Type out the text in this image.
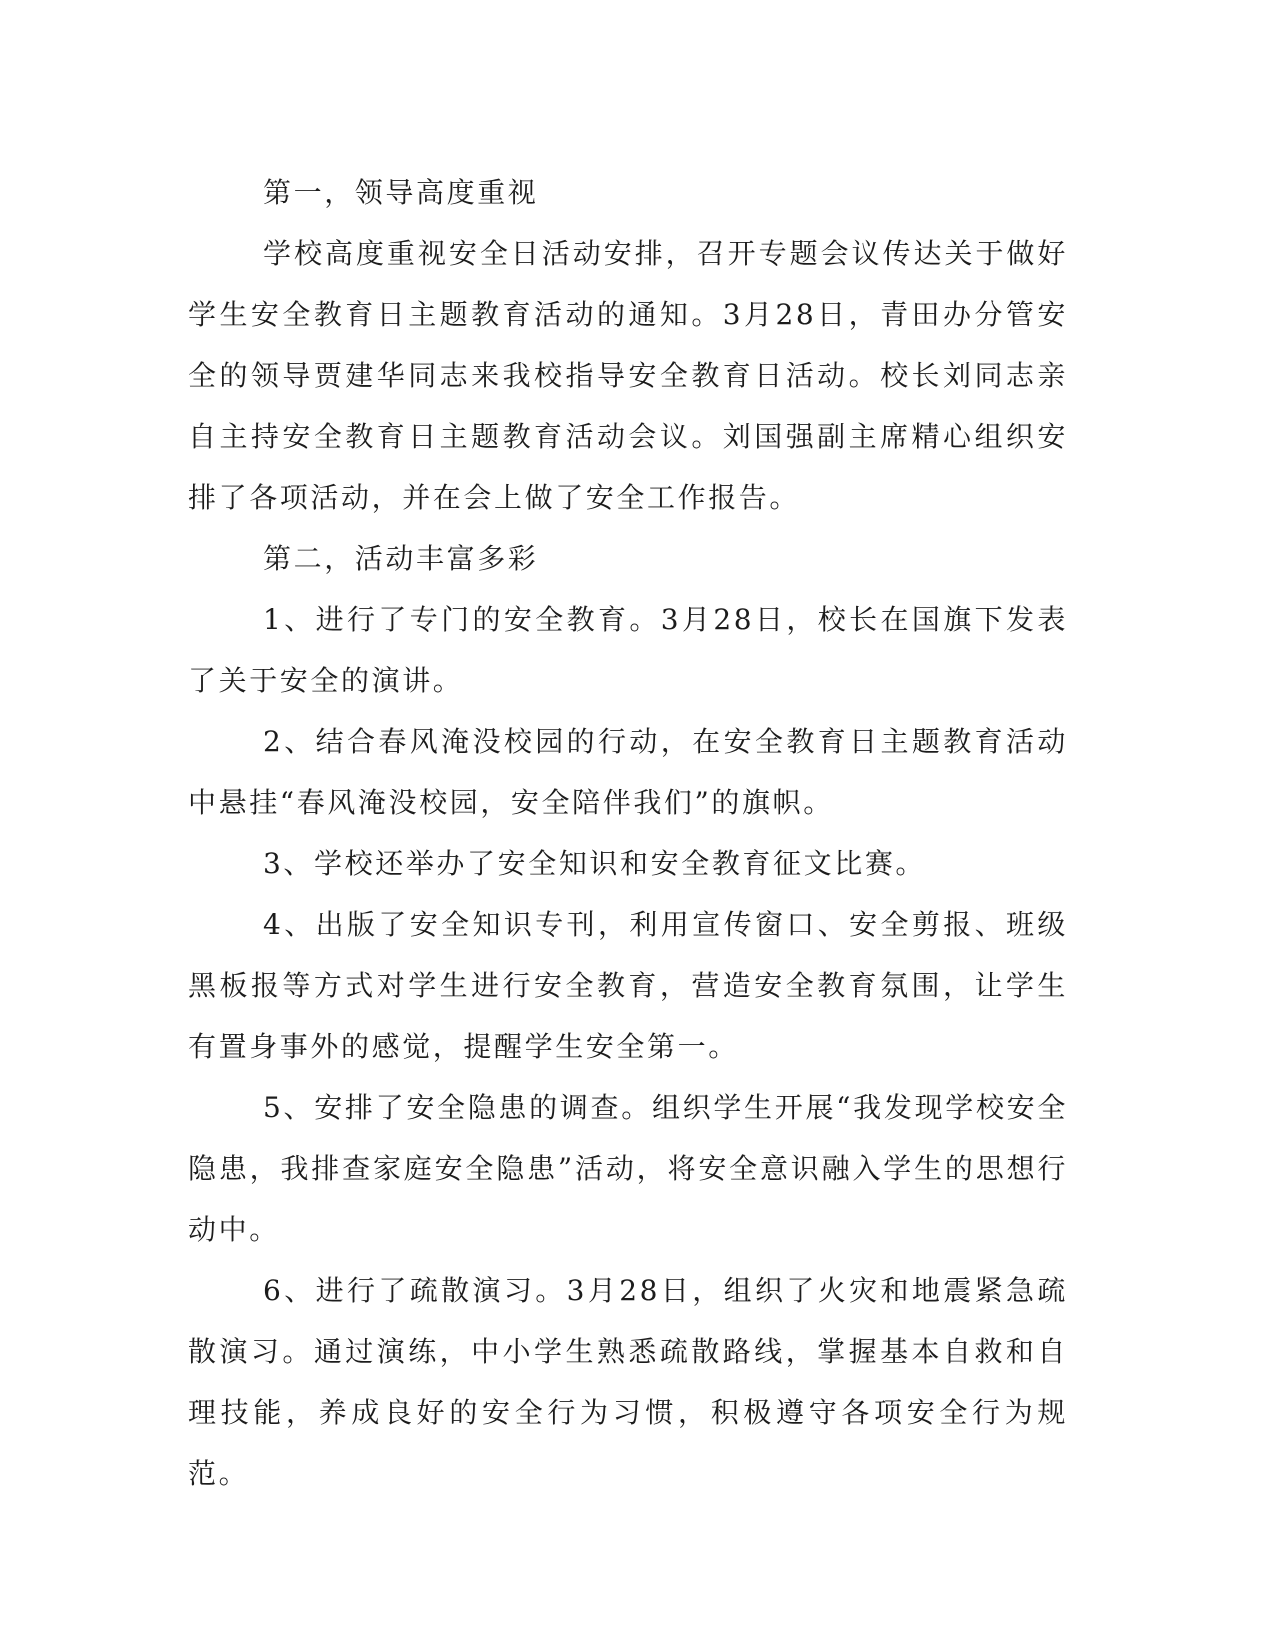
第一，领导高度重视

学校高度重视安全日活动安排，召开专题会议传达关于做好学生安全教育日主题教育活动的通知。3月28日，青田办分管安全的领导贾建华同志来我校指导安全教育日活动。校长刘同志亲自主持安全教育日主题教育活动会议。刘国强副主席精心组织安排了各项活动，并在会上做了安全工作报告。

第二，活动丰富多彩

1、进行了专门的安全教育。3月28日，校长在国旗下发表了关于安全的演讲。

2、结合春风淹没校园的行动，在安全教育日主题教育活动中悬挂“春风淹没校园，安全陪伴我们”的旗帜。

3、学校还举办了安全知识和安全教育征文比赛。

4、出版了安全知识专刊，利用宣传窗口、安全剪报、班级黑板报等方式对学生进行安全教育，营造安全教育氛围，让学生有置身事外的感觉，提醒学生安全第一。

5、安排了安全隐患的调查。组织学生开展“我发现学校安全隐患，我排查家庭安全隐患”活动，将安全意识融入学生的思想行动中。

6、进行了疏散演习。3月28日，组织了火灾和地震紧急疏散演习。通过演练，中小学生熟悉疏散路线，掌握基本自救和自理技能，养成良好的安全行为习惯，积极遵守各项安全行为规范。
